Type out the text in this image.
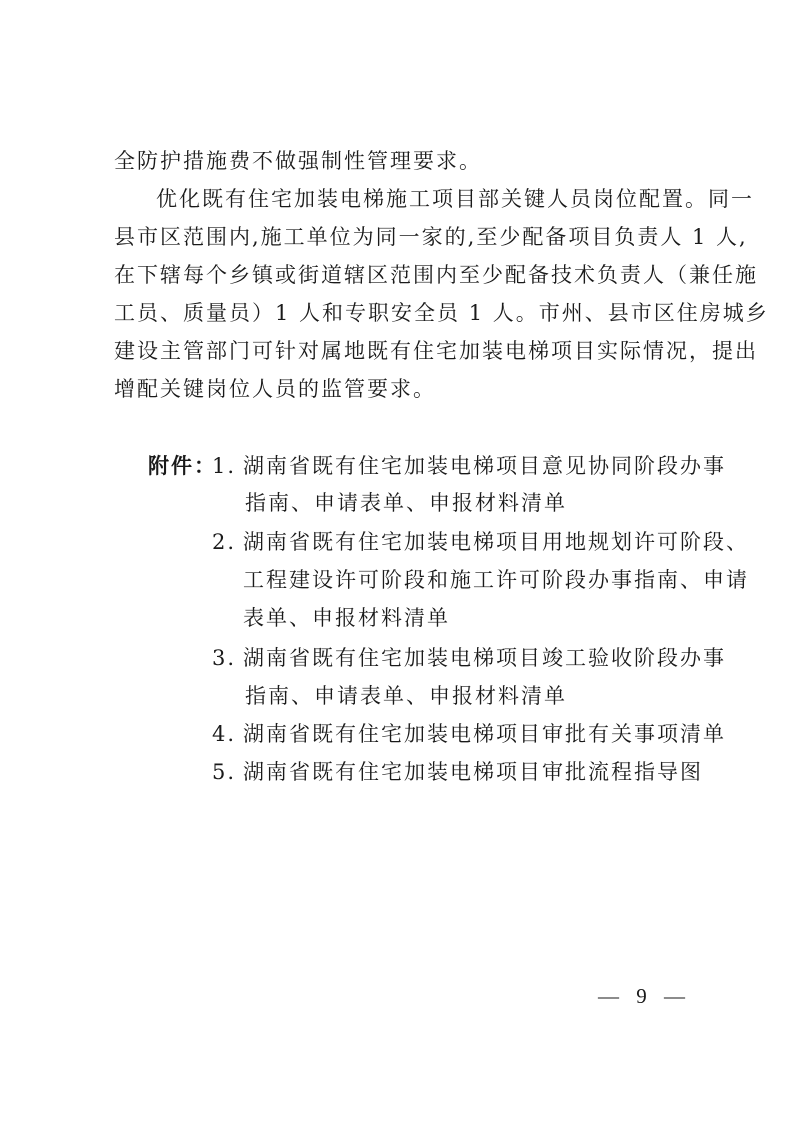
全防护措施费不做强制性管理要求。
优化既有住宅加装电梯施工项目部关键人员岗位配置。同一
县市区范围内,施工单位为同一家的,至少配备项目负责人 1 人,
在下辖每个乡镇或街道辖区范围内至少配备技术负责人（兼任施
工员、质量员）1 人和专职安全员 1 人。市州、县市区住房城乡
建设主管部门可针对属地既有住宅加装电梯项目实际情况，提出
增配关键岗位人员的监管要求。
附件：
1. 湖南省既有住宅加装电梯项目意见协同阶段办事
指南、申请表单、申报材料清单
2. 湖南省既有住宅加装电梯项目用地规划许可阶段、
工程建设许可阶段和施工许可阶段办事指南、申请
表单、申报材料清单
3. 湖南省既有住宅加装电梯项目竣工验收阶段办事
指南、申请表单、申报材料清单
4. 湖南省既有住宅加装电梯项目审批有关事项清单
5. 湖南省既有住宅加装电梯项目审批流程指导图
— 9 —
